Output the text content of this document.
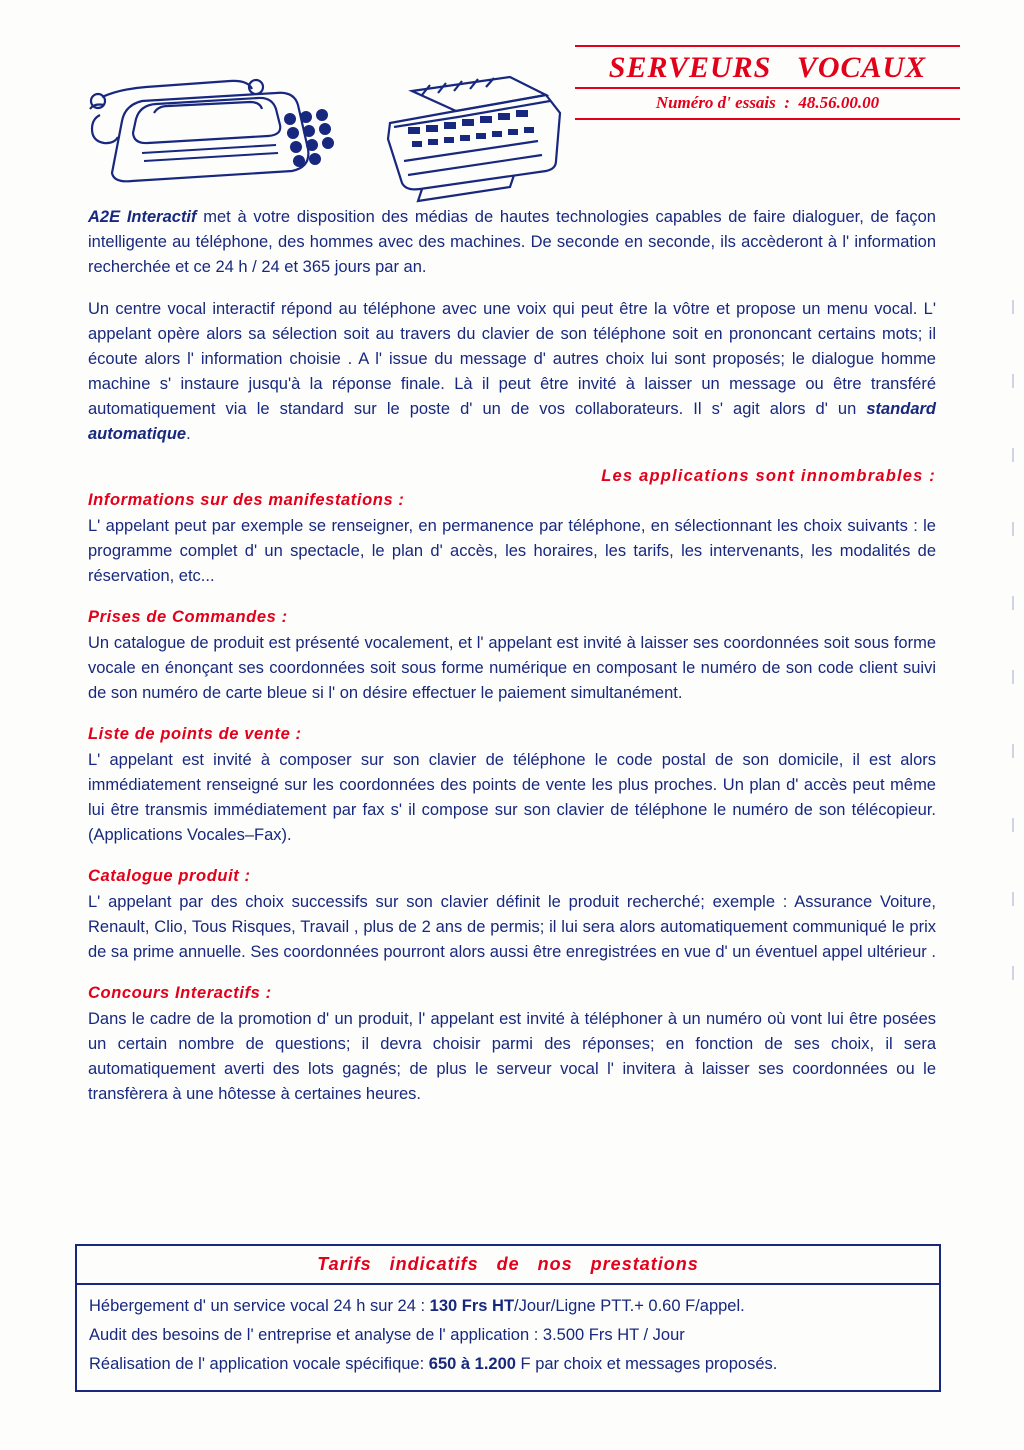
SERVEURS   VOCAUX
Numéro d' essais  :  48.56.00.00

A2E Interactif met à votre disposition des médias de hautes technologies capables de faire dialoguer, de façon intelligente au téléphone, des hommes avec des machines. De seconde en seconde, ils accèderont à l' information recherchée et ce 24 h / 24 et 365 jours par an.

Un centre vocal interactif répond au téléphone avec une voix qui peut être la vôtre et propose un menu vocal. L' appelant opère alors sa sélection soit au travers du clavier de son téléphone soit en prononcant certains mots; il écoute alors l' information choisie . A l' issue du message d' autres choix lui sont proposés; le dialogue homme machine s' instaure jusqu'à la réponse finale. Là il peut être invité à laisser un message ou être transféré automatiquement via le standard sur le poste d' un de vos collaborateurs. Il s' agit alors d' un standard automatique.

Les applications sont innombrables :
Informations sur des manifestations :

L' appelant peut par exemple se renseigner, en permanence par téléphone, en sélectionnant les choix suivants : le programme complet d' un spectacle, le plan d' accès, les horaires, les tarifs, les intervenants, les modalités de réservation, etc...

Prises de Commandes :

Un catalogue de produit est présenté vocalement, et l' appelant est invité à laisser ses coordonnées soit sous forme vocale en énonçant ses coordonnées soit sous forme numérique en composant le numéro de son code client suivi de son numéro de carte bleue si l' on désire effectuer le paiement simultanément.

Liste de points de vente :

L' appelant est invité à composer sur son clavier de téléphone le code postal de son domicile, il est alors immédiatement renseigné sur les coordonnées des points de vente les plus proches. Un plan d' accès peut même lui être transmis immédiatement par fax s' il compose sur son clavier de téléphone le numéro de son télécopieur. (Applications Vocales–Fax).

Catalogue produit :

L' appelant par des choix successifs sur son clavier définit le produit recherché; exemple : Assurance Voiture, Renault, Clio, Tous Risques, Travail , plus de 2 ans de permis; il lui sera alors automatiquement communiqué le prix de sa prime annuelle. Ses coordonnées pourront alors aussi être enregistrées en vue d' un éventuel appel ultérieur .

Concours Interactifs :

Dans le cadre de la promotion d' un produit, l' appelant est invité à téléphoner à un numéro où vont lui être posées un certain nombre de questions; il devra choisir parmi des réponses; en fonction de ses choix, il sera automatiquement averti des lots gagnés; de plus le serveur vocal l' invitera à laisser ses coordonnées ou le transfèrera à une hôtesse à certaines heures.

Tarifs   indicatifs   de   nos   prestations

Hébergement d' un service vocal 24 h sur 24 : 130 Frs HT/Jour/Ligne PTT.+ 0.60 F/appel.

Audit des besoins de l' entreprise et analyse de l' application : 3.500 Frs HT / Jour

Réalisation de l' application vocale spécifique: 650 à 1.200 F par choix et messages proposés.
